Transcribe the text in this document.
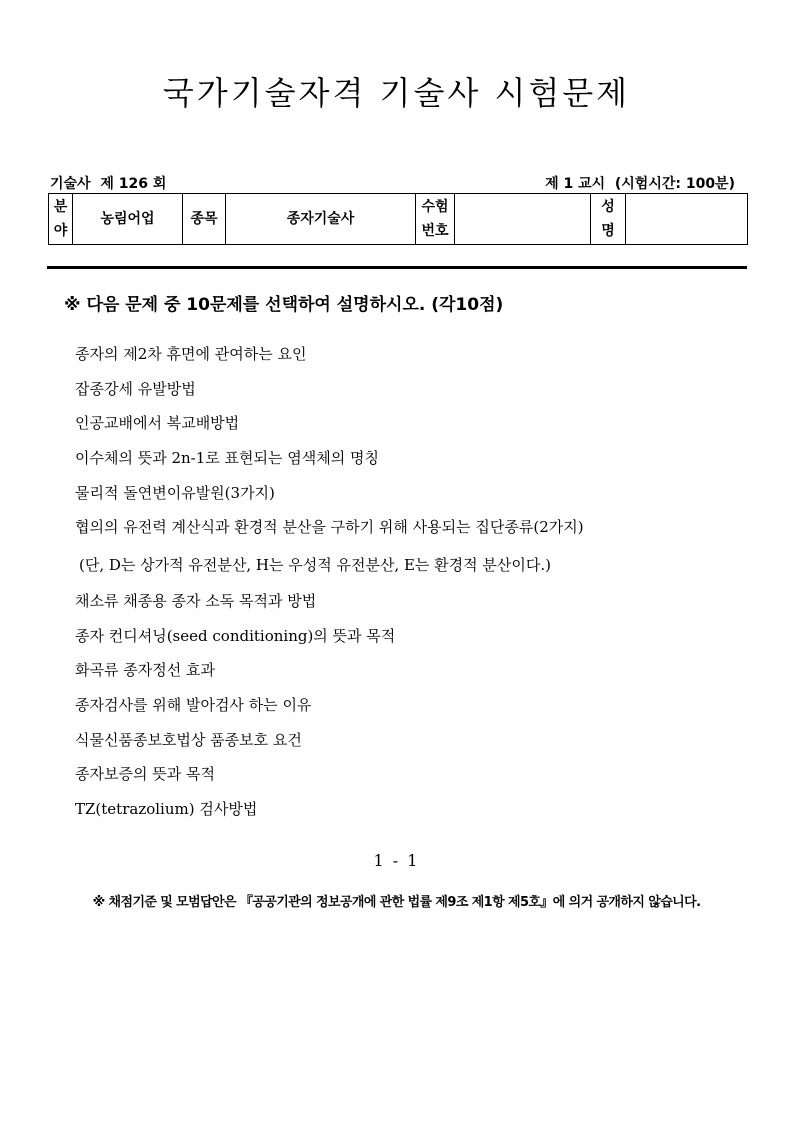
국가기술자격 기술사 시험문제
기술사  제 126 회	제 1 교시  (시험시간: 100분)
분야	농림어업	종목	종자기술사	수험번호		성명	
※ 다음 문제 중 10문제를 선택하여 설명하시오. (각10점)
종자의 제2차 휴면에 관여하는 요인
잡종강세 유발방법
인공교배에서 복교배방법
이수체의 뜻과 2n-1로 표현되는 염색체의 명칭
물리적 돌연변이유발원(3가지)
협의의 유전력 계산식과 환경적 분산을 구하기 위해 사용되는 집단종류(2가지)
(단, D는 상가적 유전분산, H는 우성적 유전분산, E는 환경적 분산이다.)
채소류 채종용 종자 소독 목적과 방법
종자 컨디셔닝(seed conditioning)의 뜻과 목적
화곡류 종자정선 효과
종자검사를 위해 발아검사 하는 이유
식물신품종보호법상 품종보호 요건
종자보증의 뜻과 목적
TZ(tetrazolium) 검사방법
1 - 1
※ 채점기준 및 모범답안은 『공공기관의 정보공개에 관한 법률 제9조 제1항 제5호』에 의거 공개하지 않습니다.
